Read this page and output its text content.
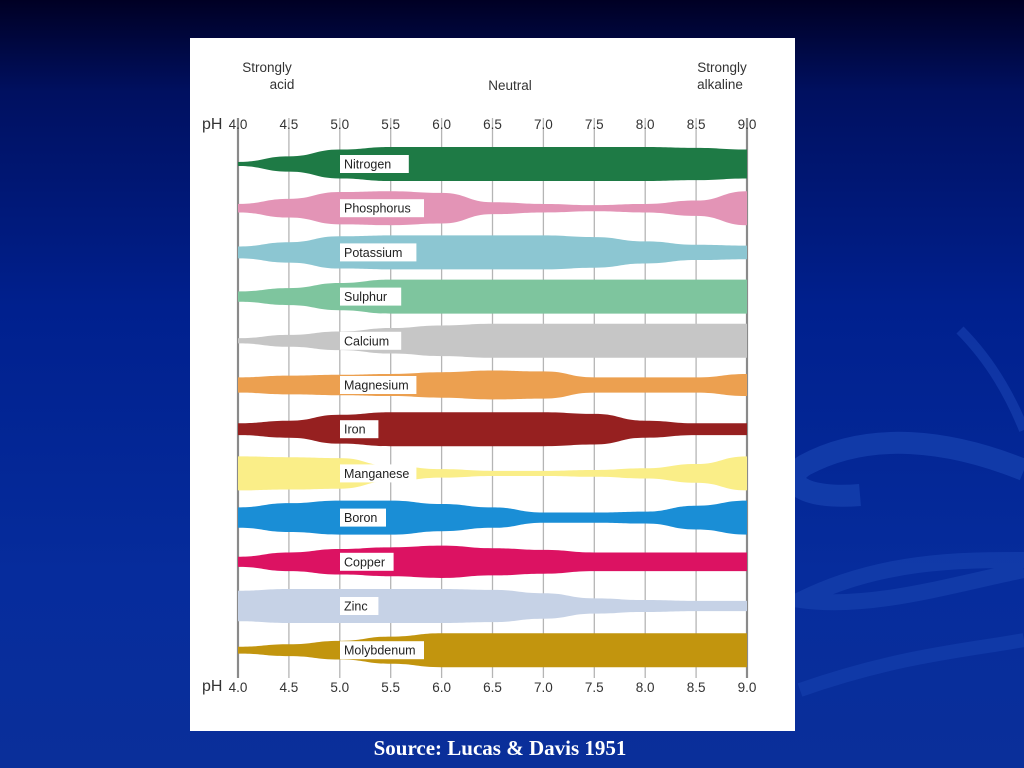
Strongly
acid	Neutral
Strongly
alkaline
pH
pH
4.0 4.5 5.0 5.5 6.0 6.5 7.0 7.5 8.0 8.5 9.0
4.0 4.5 5.0 5.5 6.0 6.5 7.0 7.5 8.0 8.5 9.0
Nitrogen
Phosphorus
Potassium
Sulphur
Calcium
Magnesium
Iron
Manganese
Boron
Copper
Zinc
Molybdenum
Source: Lucas & Davis 1951
